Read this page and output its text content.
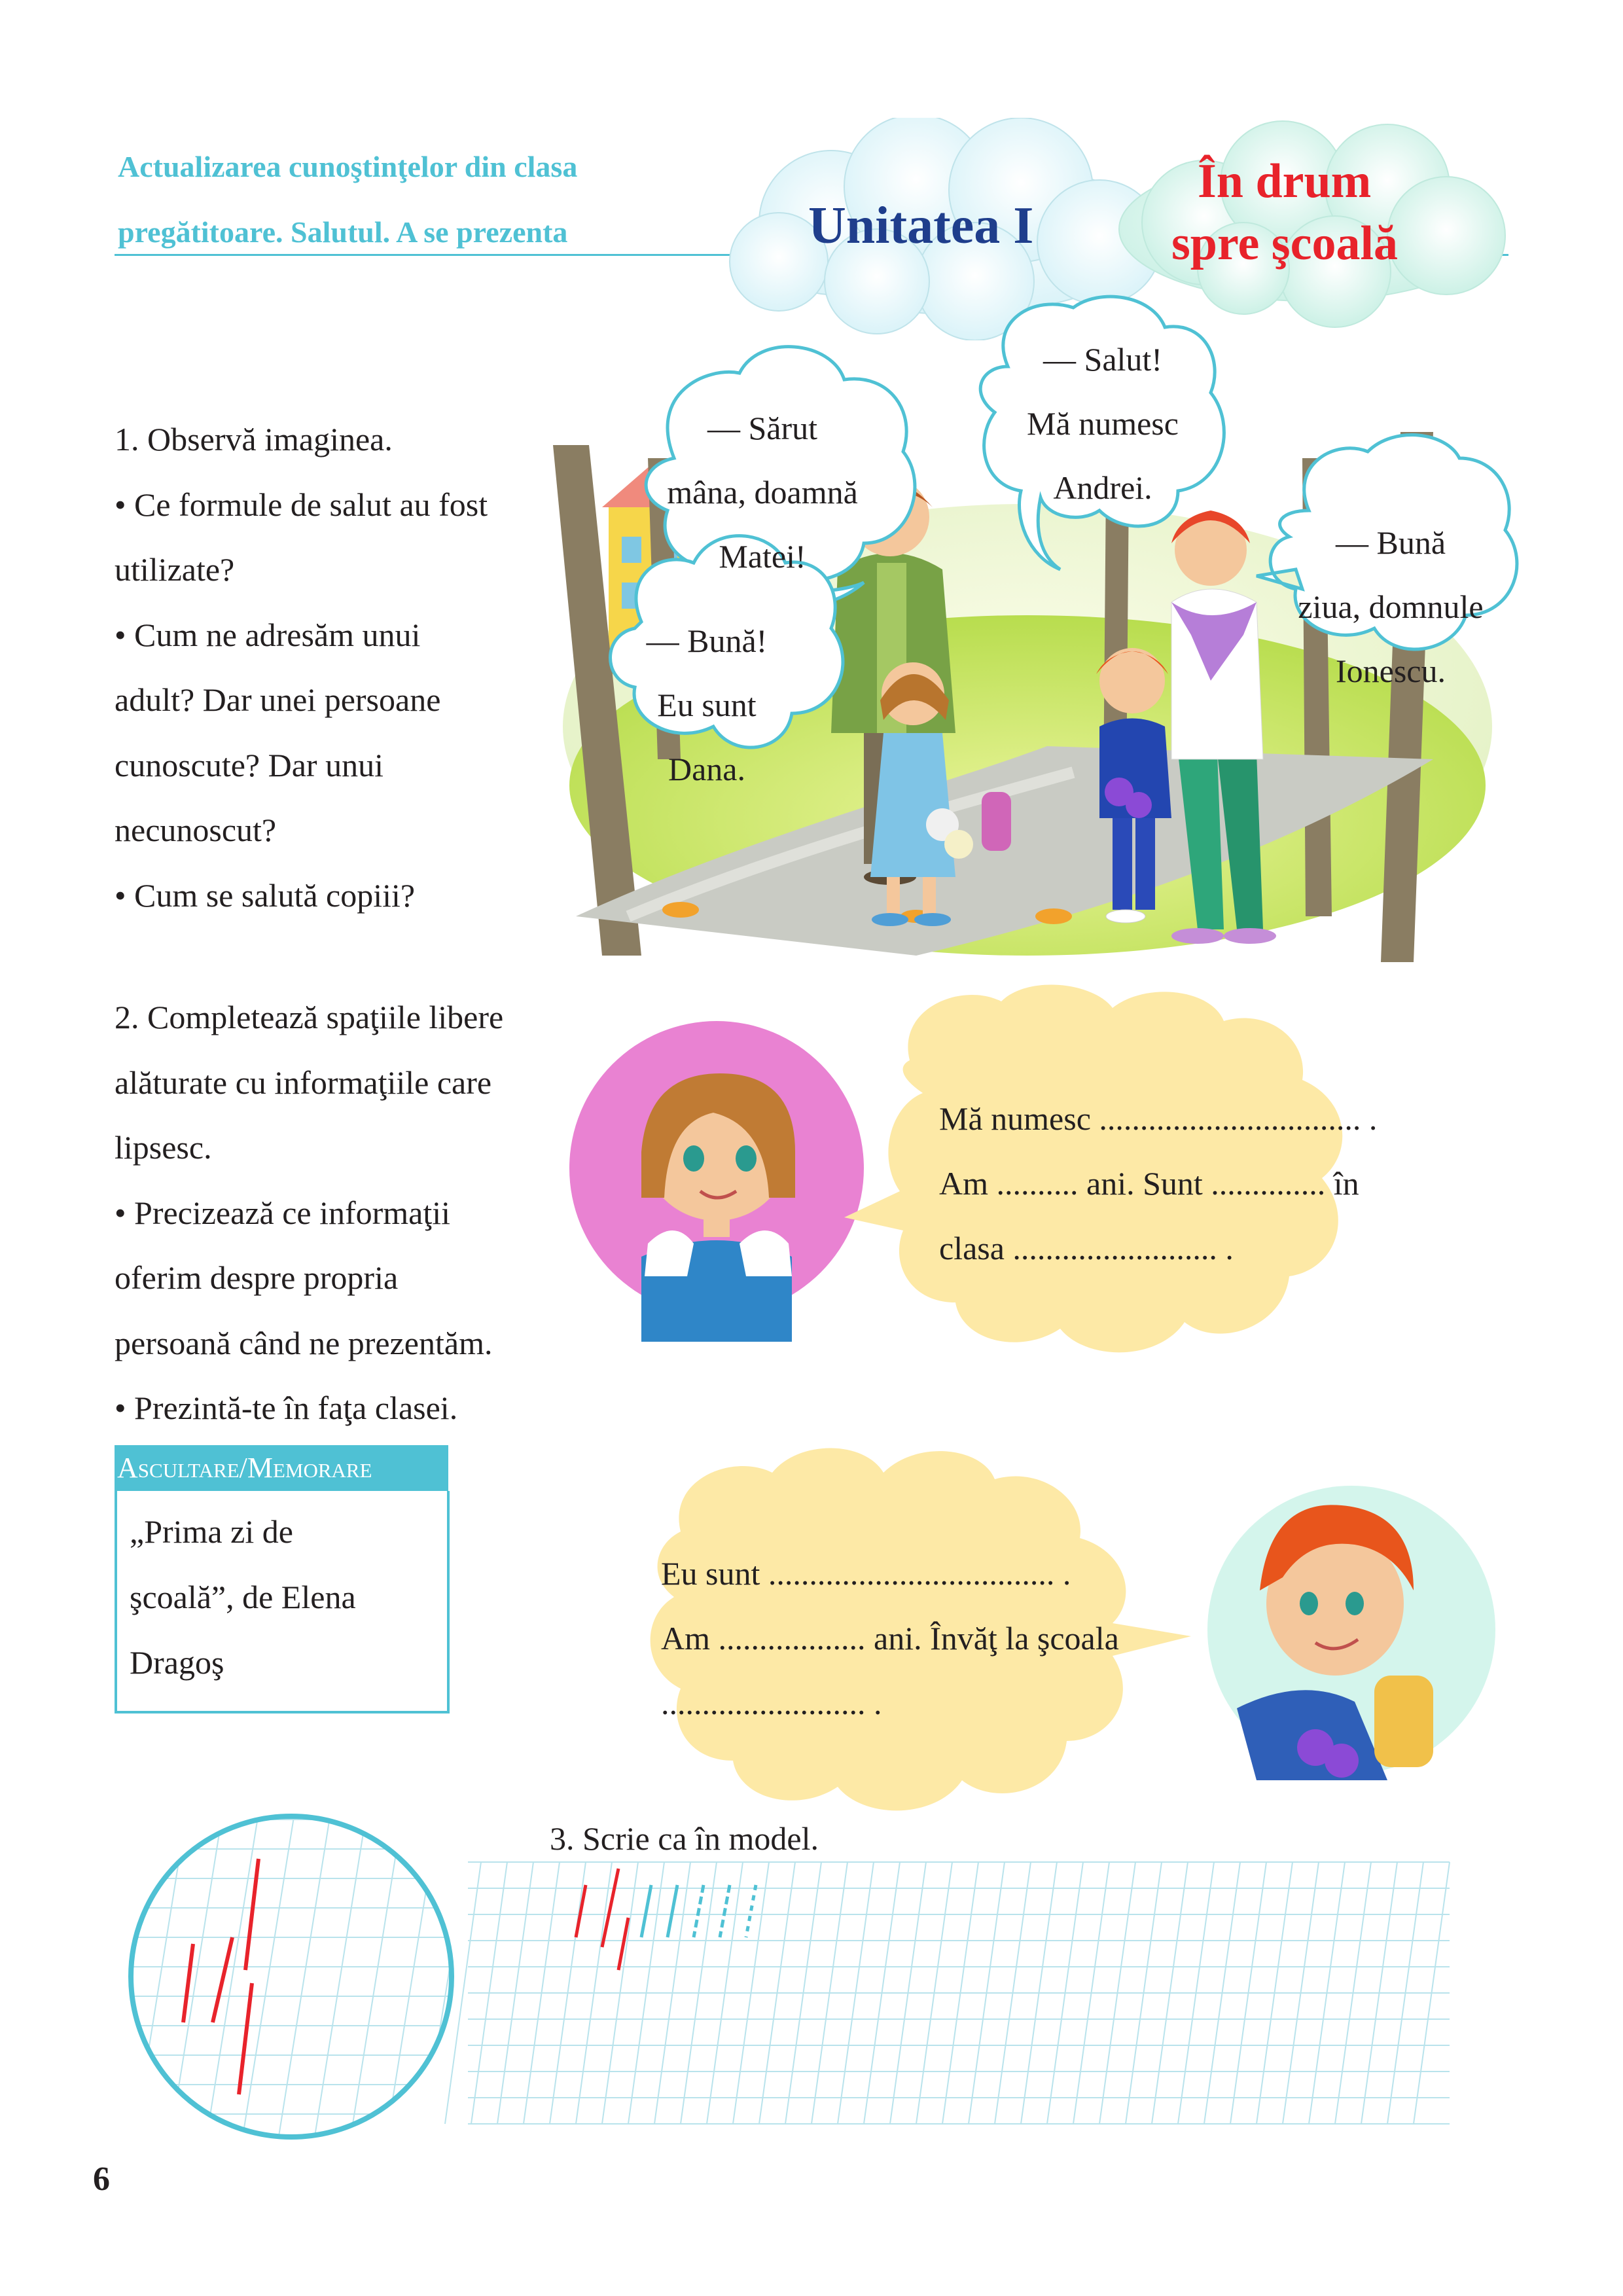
Actualizarea cunoştinţelor din clasa
pregătitoare. Salutul. A se prezenta	Unitatea I
În drum
spre şcoală

1. Observă imaginea.

• Ce formule de salut au fost

utilizate?

• Cum ne adresăm unui

adult? Dar unei persoane

cunoscute? Dar unui

necunoscut?

• Cum se salută copiii?

— Sărut

mâna, doamnă

Matei!

— Salut!

Mă numesc

Andrei.

— Bună

ziua, domnule

Ionescu.

— Bună!

Eu sunt

Dana.

2. Completează spaţiile libere

alăturate cu informaţiile care

lipsesc.

• Precizează ce informaţii

oferim despre propria

persoană când ne prezentăm.

• Prezintă-te în faţa clasei.

Mă numesc ................................ .

Am .......... ani. Sunt .............. în

clasa ......................... .

Ascultare/Memorare

„Prima zi de

şcoală”, de Elena

Dragoş

Eu sunt ................................... .

Am .................. ani. Învăţ la şcoala

......................... .

3. Scrie ca în model.
6
